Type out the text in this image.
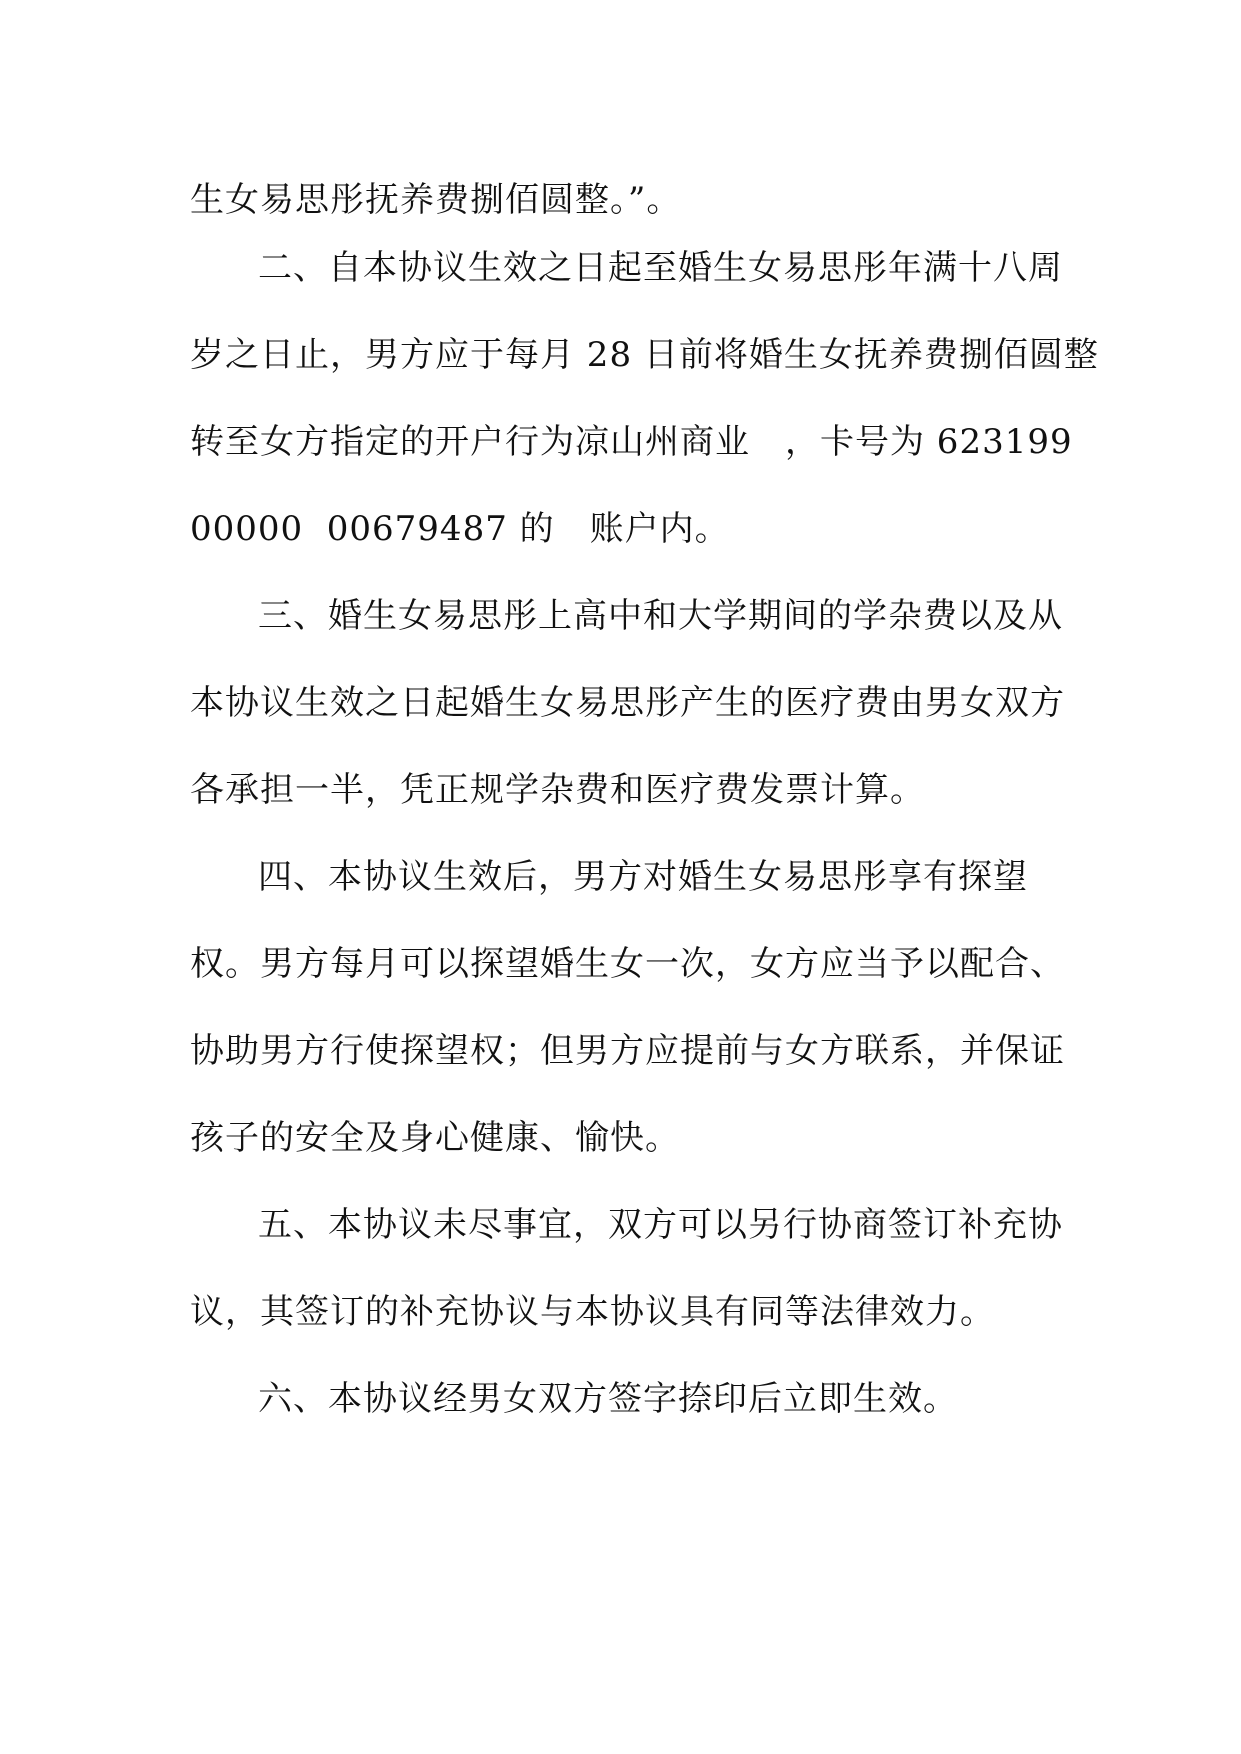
生女易思彤抚养费捌佰圆整。”。
二、自本协议生效之日起至婚生女易思彤年满十八周
岁之日止，男方应于每月 28 日前将婚生女抚养费捌佰圆整
转至女方指定的开户行为凉山州商业　，卡号为 623199
00000  00679487 的　账户内。
三、婚生女易思彤上高中和大学期间的学杂费以及从
本协议生效之日起婚生女易思彤产生的医疗费由男女双方
各承担一半，凭正规学杂费和医疗费发票计算。
四、本协议生效后，男方对婚生女易思彤享有探望
权。男方每月可以探望婚生女一次，女方应当予以配合、
协助男方行使探望权；但男方应提前与女方联系，并保证
孩子的安全及身心健康、愉快。
五、本协议未尽事宜，双方可以另行协商签订补充协
议，其签订的补充协议与本协议具有同等法律效力。
六、本协议经男女双方签字捺印后立即生效。
